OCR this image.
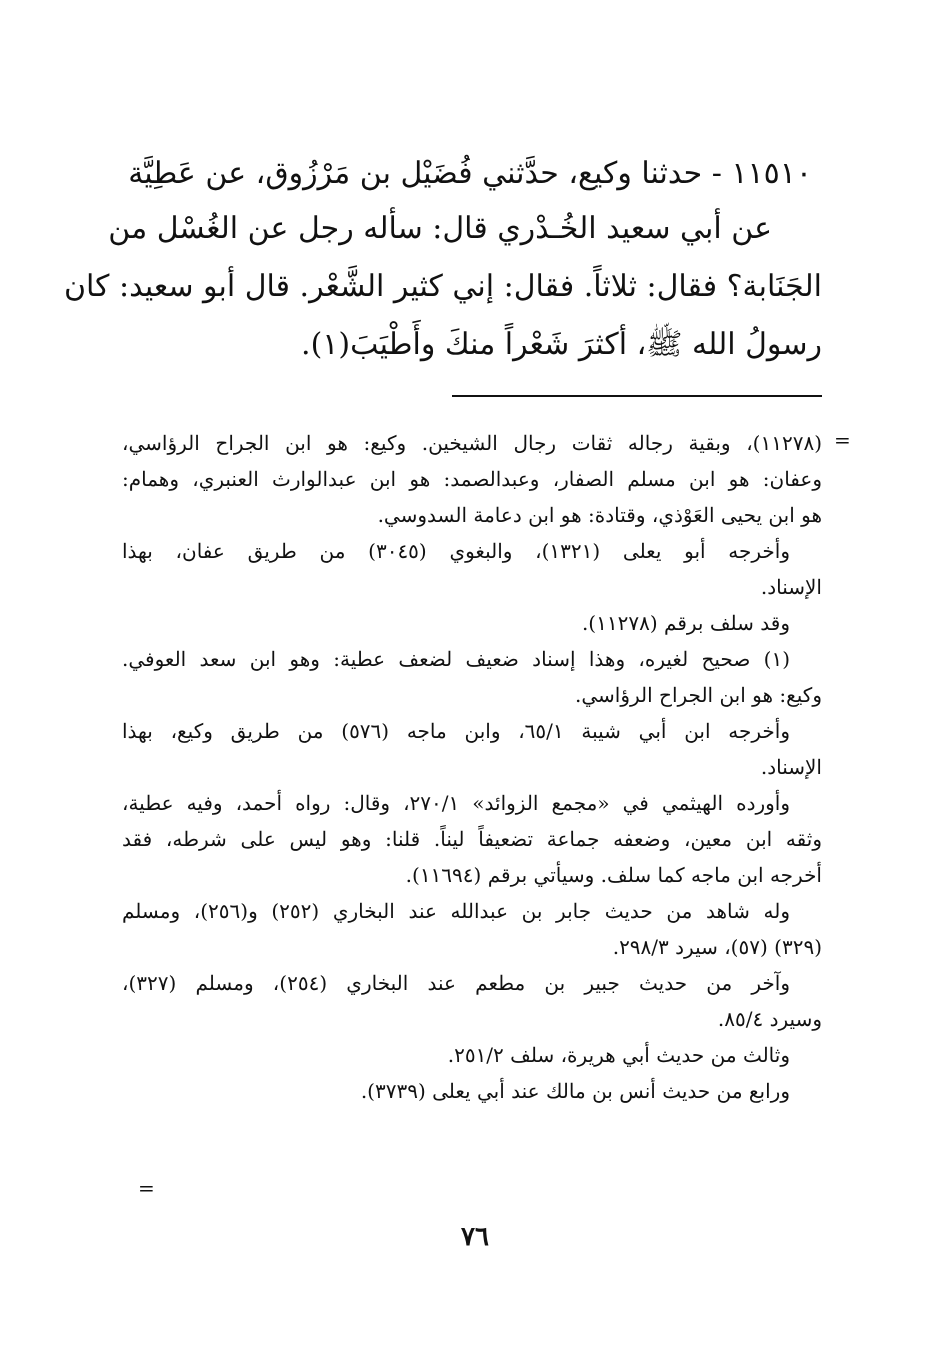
١١٥١٠ - حدثنا وكيع، حدَّثني فُضَيْل بن مَرْزُوق، عن عَطِيَّة
عن أبي سعيد الخُـدْري قال: سأله رجل عن الغُسْل من
الجَنَابة؟ فقال: ثلاثاً. فقال: إني كثير الشَّعْر. قال أبو سعيد: كان
رسولُ الله ﷺ، أكثرَ شَعْراً منكَ وأَطْيَبَ(١).
=
(١١٢٧٨)، وبقية رجاله ثقات رجال الشيخين. وكيع: هو ابن الجراح الرؤاسي،
وعفان: هو ابن مسلم الصفار، وعبدالصمد: هو ابن عبدالوارث العنبري، وهمام:
هو ابن يحيى العَوْذي، وقتادة: هو ابن دعامة السدوسي.
وأخرجه أبو يعلى (١٣٢١)، والبغوي (٣٠٤٥) من طريق عفان، بهذا
الإسناد.
وقد سلف برقم (١١٢٧٨).
(١) صحيح لغيره، وهذا إسناد ضعيف لضعف عطية: وهو ابن سعد العوفي.
وكيع: هو ابن الجراح الرؤاسي.
وأخرجه ابن أبي شيبة ٦٥/١، وابن ماجه (٥٧٦) من طريق وكيع، بهذا
الإسناد.
وأورده الهيثمي في «مجمع الزوائد» ٢٧٠/١، وقال: رواه أحمد، وفيه عطية،
وثقه ابن معين، وضعفه جماعة تضعيفاً ليناً. قلنا: وهو ليس على شرطه، فقد
أخرجه ابن ماجه كما سلف. وسيأتي برقم (١١٦٩٤).
وله شاهد من حديث جابر بن عبدالله عند البخاري (٢٥٢) و(٢٥٦)، ومسلم
(٣٢٩) (٥٧)، سيرد ٢٩٨/٣.
وآخر من حديث جبير بن مطعم عند البخاري (٢٥٤)، ومسلم (٣٢٧)،
وسيرد ٨٥/٤.
وثالث من حديث أبي هريرة، سلف ٢٥١/٢.
ورابع من حديث أنس بن مالك عند أبي يعلى (٣٧٣٩).
=
٧٦
